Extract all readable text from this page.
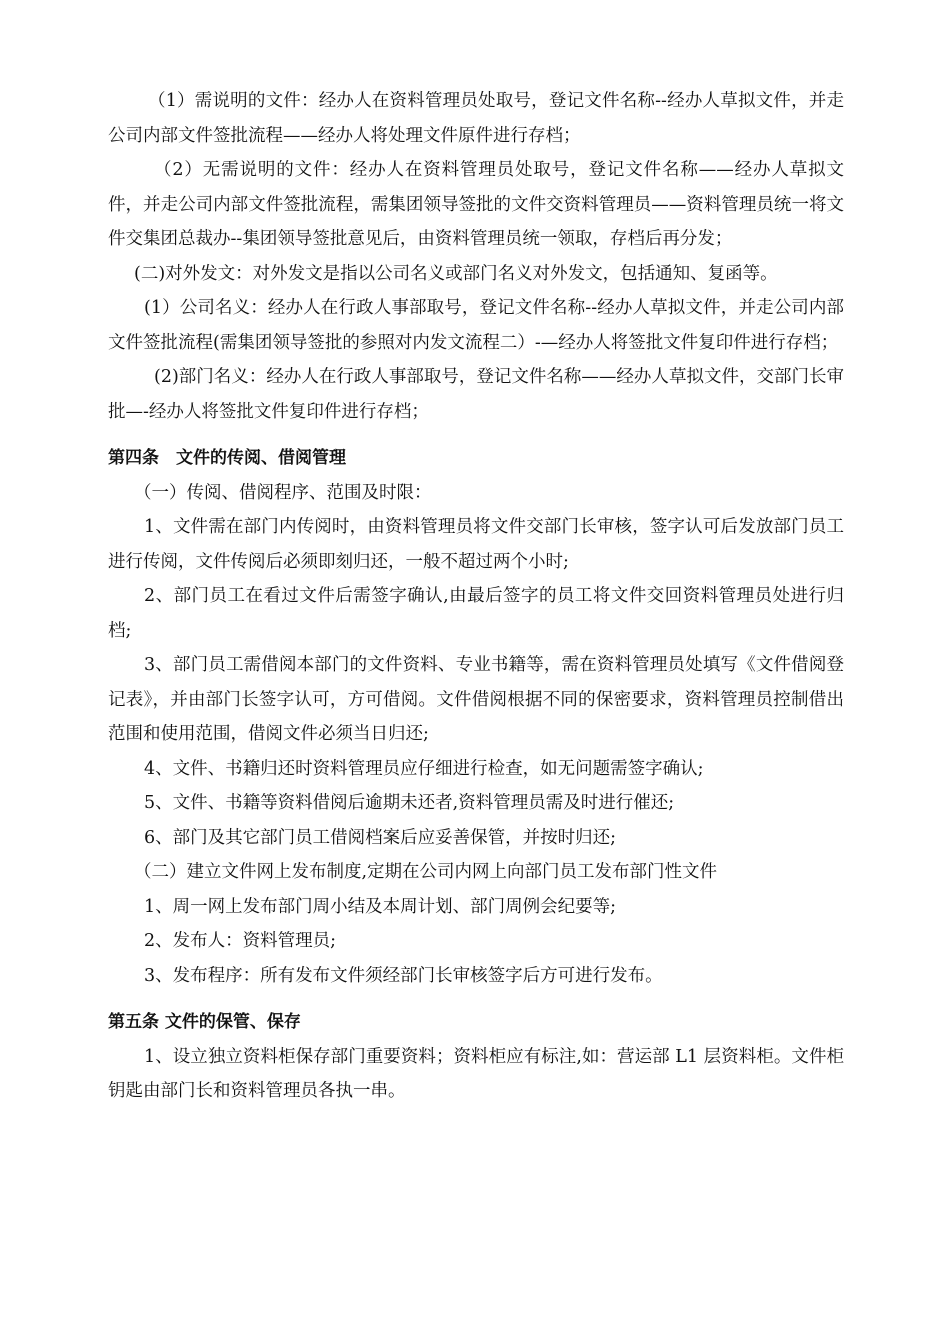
（1）需说明的文件：经办人在资料管理员处取号，登记文件名称--经办人草拟文件，并走公司内部文件签批流程——经办人将处理文件原件进行存档；

（2）无需说明的文件：经办人在资料管理员处取号，登记文件名称——经办人草拟文件，并走公司内部文件签批流程，需集团领导签批的文件交资料管理员——资料管理员统一将文件交集团总裁办--集团领导签批意见后，由资料管理员统一领取，存档后再分发；

(二)对外发文：对外发文是指以公司名义或部门名义对外发文，包括通知、复函等。

(1）公司名义：经办人在行政人事部取号，登记文件名称--经办人草拟文件，并走公司内部文件签批流程(需集团领导签批的参照对内发文流程二）-—经办人将签批文件复印件进行存档；

(2)部门名义：经办人在行政人事部取号，登记文件名称——经办人草拟文件，交部门长审批—-经办人将签批文件复印件进行存档；

第四条　文件的传阅、借阅管理

（一）传阅、借阅程序、范围及时限：

1、文件需在部门内传阅时，由资料管理员将文件交部门长审核，签字认可后发放部门员工进行传阅，文件传阅后必须即刻归还，一般不超过两个小时;

2、部门员工在看过文件后需签字确认,由最后签字的员工将文件交回资料管理员处进行归档;

3、部门员工需借阅本部门的文件资料、专业书籍等，需在资料管理员处填写《文件借阅登记表》，并由部门长签字认可，方可借阅。文件借阅根据不同的保密要求，资料管理员控制借出范围和使用范围，借阅文件必须当日归还;

4、文件、书籍归还时资料管理员应仔细进行检查，如无问题需签字确认;

5、文件、书籍等资料借阅后逾期未还者,资料管理员需及时进行催还;

6、部门及其它部门员工借阅档案后应妥善保管，并按时归还;

（二）建立文件网上发布制度,定期在公司内网上向部门员工发布部门性文件

1、周一网上发布部门周小结及本周计划、部门周例会纪要等;

2、发布人：资料管理员;

3、发布程序：所有发布文件须经部门长审核签字后方可进行发布。

第五条 文件的保管、保存

1、设立独立资料柜保存部门重要资料；资料柜应有标注,如：营运部 L1 层资料柜。文件柜钥匙由部门长和资料管理员各执一串。
